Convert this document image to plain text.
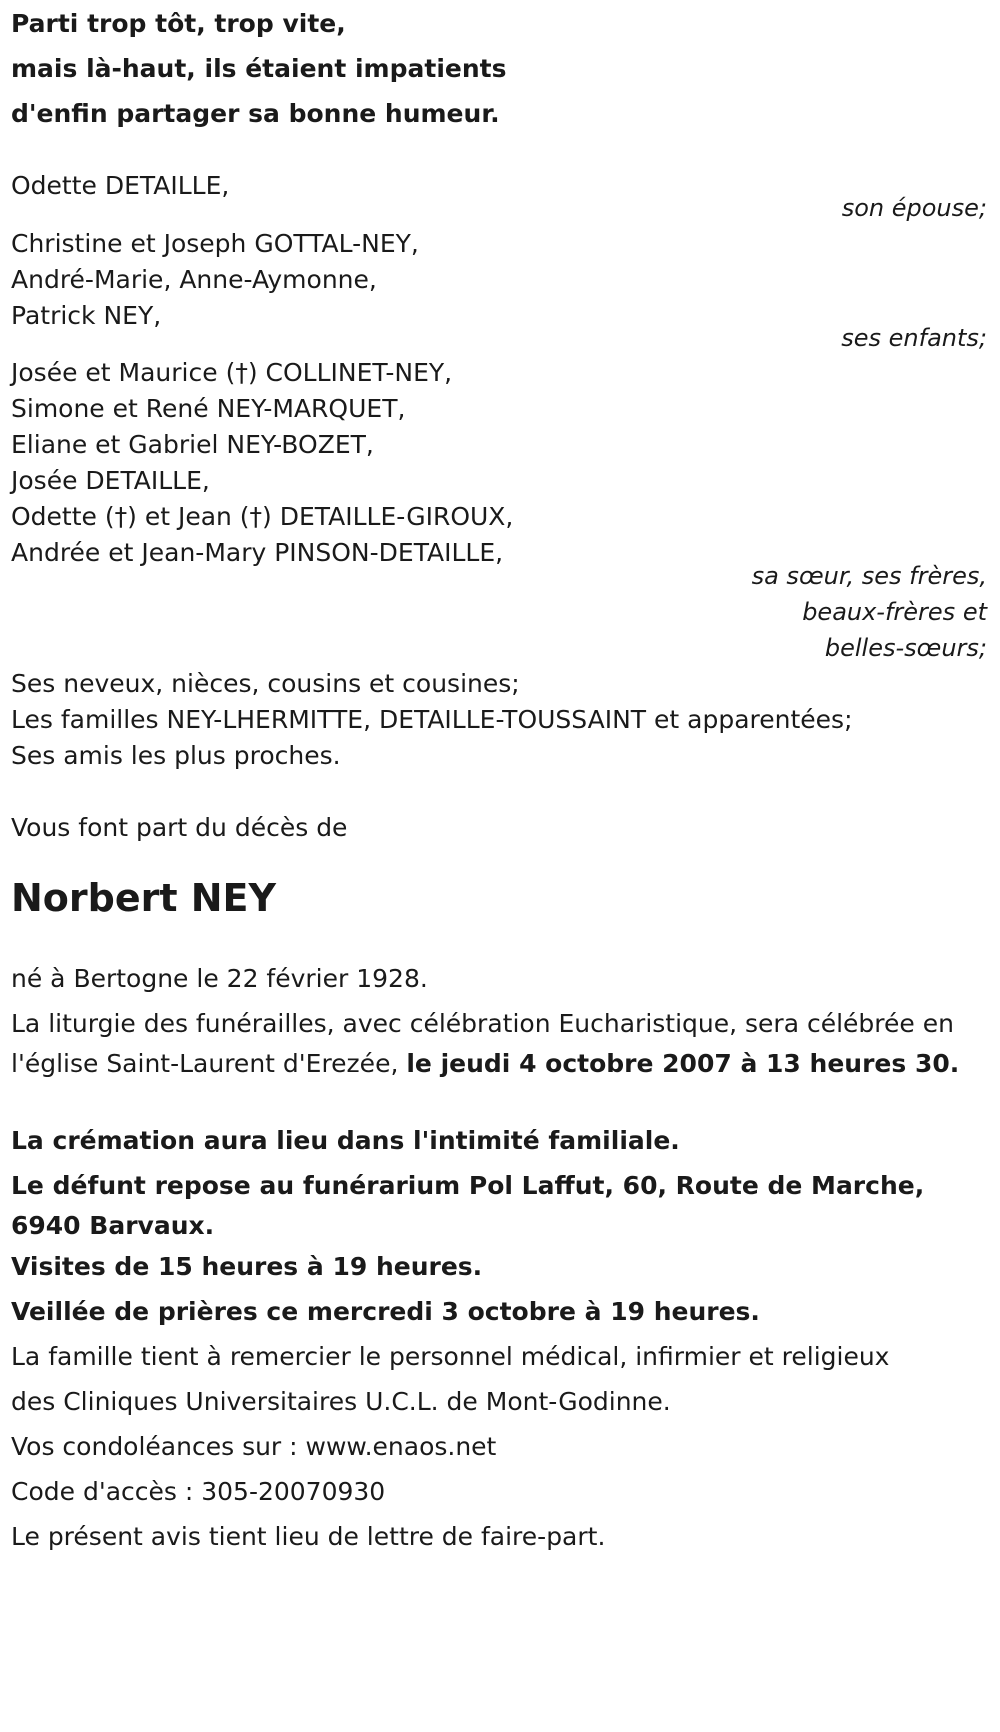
Parti trop tôt, trop vite,
mais là-haut, ils étaient impatients
d'enfin partager sa bonne humeur.
Odette DETAILLE,
son épouse;
Christine et Joseph GOTTAL-NEY,
André-Marie, Anne-Aymonne,
Patrick NEY,
ses enfants;
Josée et Maurice (†) COLLINET-NEY,
Simone et René NEY-MARQUET,
Eliane et Gabriel NEY-BOZET,
Josée DETAILLE,
Odette (†) et Jean (†) DETAILLE-GIROUX,
Andrée et Jean-Mary PINSON-DETAILLE,
sa sœur, ses frères,
beaux-frères et
belles-sœurs;
Ses neveux, nièces, cousins et cousines;
Les familles NEY-LHERMITTE, DETAILLE-TOUSSAINT et apparentées;
Ses amis les plus proches.
Vous font part du décès de
Norbert NEY
né à Bertogne le 22 février 1928.
La liturgie des funérailles, avec célébration Eucharistique, sera célébrée en l'église Saint-Laurent d'Erezée, le jeudi 4 octobre 2007 à 13 heures 30.
La crémation aura lieu dans l'intimité familiale.
Le défunt repose au funérarium Pol Laffut, 60, Route de Marche, 6940 Barvaux.
Visites de 15 heures à 19 heures.
Veillée de prières ce mercredi 3 octobre à 19 heures.
La famille tient à remercier le personnel médical, infirmier et religieux
des Cliniques Universitaires U.C.L. de Mont-Godinne.
Vos condoléances sur : www.enaos.net
Code d'accès : 305-20070930
Le présent avis tient lieu de lettre de faire-part.
